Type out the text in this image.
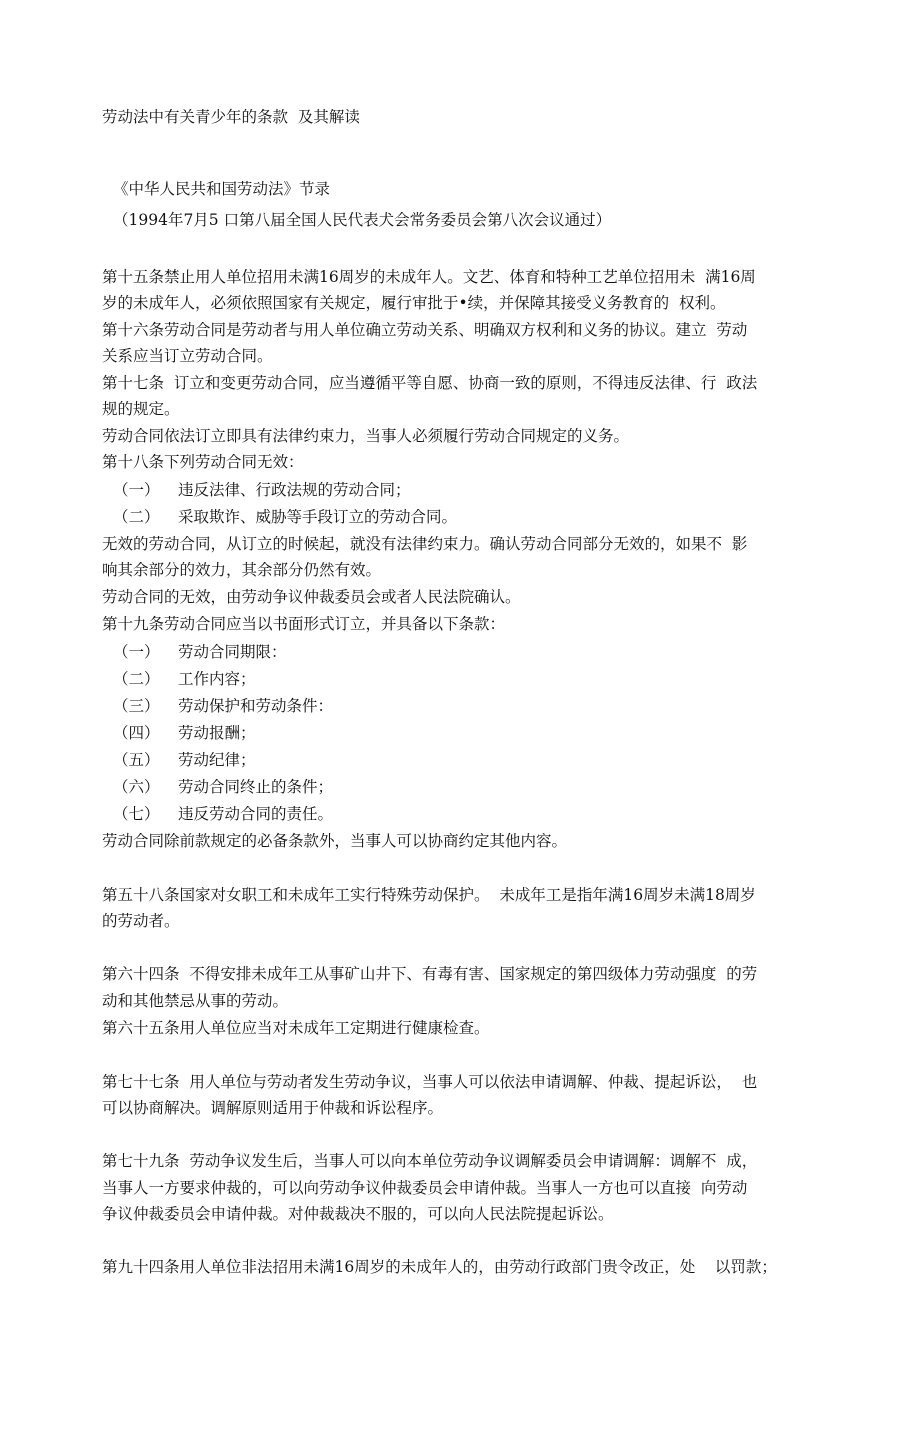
劳动法中有关青少年的条款  及其解读
《中华人民共和国劳动法》节录
（1994年7月5 口第八届全国人民代表犬会常务委员会第八次会议通过）
第十五条禁止用人单位招用未满16周岁的未成年人。文艺、体育和特种工艺单位招用未  满16周
岁的未成年人，必须依照国家有关规定，履行审批于•续，并保障其接受义务教育的  权利。
第十六条劳动合同是劳动者与用人单位确立劳动关系、明确双方权利和义务的协议。建立  劳动
关系应当订立劳动合同。
第十七条  订立和变更劳动合同，应当遵循平等自愿、协商一致的原则，不得违反法律、行  政法
规的规定。
劳动合同依法订立即具有法律约束力，当事人必须履行劳动合同规定的义务。
第十八条下列劳动合同无效：
（一） 违反法律、行政法规的劳动合同；
（二） 采取欺诈、威胁等手段订立的劳动合同。
无效的劳动合同，从订立的时候起，就没有法律约束力。确认劳动合同部分无效的，如果不  影
响其余部分的效力，其余部分仍然有效。
劳动合同的无效，由劳动争议仲裁委员会或者人民法院确认。
第十九条劳动合同应当以书面形式订立，并具备以下条款：
（一） 劳动合同期限：
（二） 工作内容；
（三） 劳动保护和劳动条件：
（四） 劳动报酬；
（五） 劳动纪律；
（六） 劳动合同终止的条件；
（七） 违反劳动合同的责任。
劳动合同除前款规定的必备条款外，当事人可以协商约定其他内容。
第五十八条国家对女职工和未成年工实行特殊劳动保护。  未成年工是指年满16周岁未满18周岁
的劳动者。
第六十四条  不得安排未成年工从事矿山井下、有毒有害、国家规定的第四级体力劳动强度  的劳
动和其他禁忌从事的劳动。
第六十五条用人单位应当对未成年工定期进行健康检查。
第七十七条  用人单位与劳动者发生劳动争议，当事人可以依法申请调解、仲裁、提起诉讼，  也
可以协商解决。调解原则适用于仲裁和诉讼程序。
第七十九条  劳动争议发生后，当事人可以向本单位劳动争议调解委员会申请调解：调解不  成，
当事人一方要求仲裁的，可以向劳动争议仲裁委员会申请仲裁。当事人一方也可以直接  向劳动
争议仲裁委员会申请仲裁。对仲裁裁决不服的，可以向人民法院提起诉讼。
第九十四条用人单位非法招用未满16周岁的未成年人的，由劳动行政部门贵令改正，处    以罚款；
